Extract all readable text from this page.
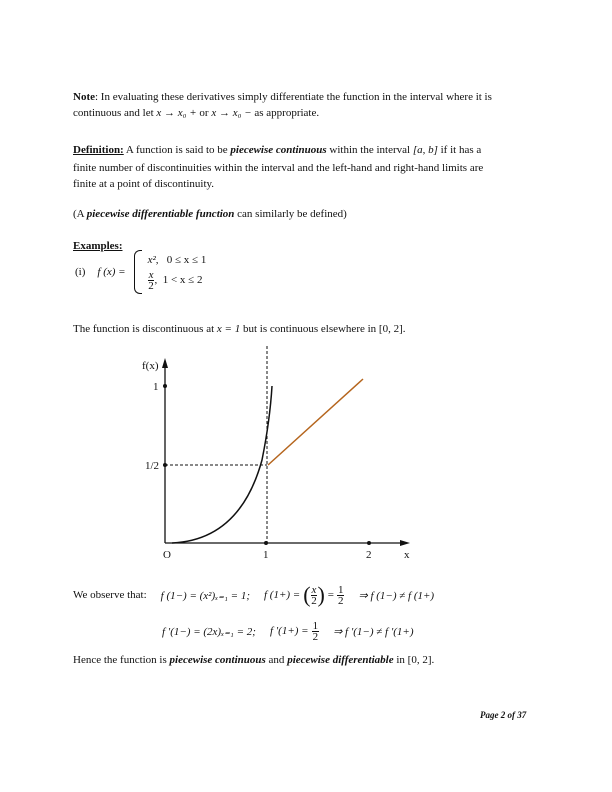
Note: In evaluating these derivatives simply differentiate the function in the interval where it is
continuous and let x → x₀ + or x → x₀ − as appropriate.
Definition: A function is said to be piecewise continuous within the interval [a, b] if it has a
finite number of discontinuities within the interval and the left-hand and right-hand limits are
finite at a point of discontinuity.
(A piecewise differentiable function can similarly be defined)
Examples:
(i) f (x) =
x²,   0 ≤ x ≤ 1
$\frac{x}{2}$ ,  1 < x ≤ 2
The function is discontinuous at x = 1 but is continuous elsewhere in [0, 2].
f(x)
1
1/2
O	1	2	x
We observe that: f (1−) = (x²)ₓ₌₁ = 1; f (1+) = ( $\frac{x}{2}$ ) = $\frac{1}{2}$ ⇒ f (1−) ≠ f (1+)
f ′(1−) = (2x)ₓ₌₁ = 2; f $'(1+) = \frac{1}{2}$ ⇒ f ′(1−) ≠ f ′(1+)
Hence the function is piecewise continuous and piecewise differentiable in [0, 2].
Page 2 of 37
